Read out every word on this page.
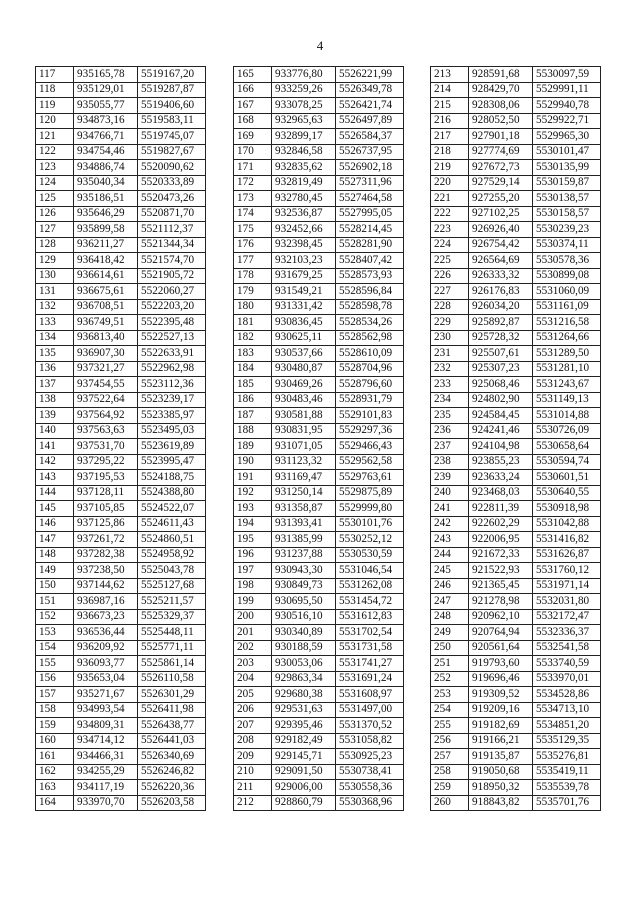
4
117	935165,78	5519167,20
118	935129,01	5519287,87
119	935055,77	5519406,60
120	934873,16	5519583,11
121	934766,71	5519745,07
122	934754,46	5519827,67
123	934886,74	5520090,62
124	935040,34	5520333,89
125	935186,51	5520473,26
126	935646,29	5520871,70
127	935899,58	5521112,37
128	936211,27	5521344,34
129	936418,42	5521574,70
130	936614,61	5521905,72
131	936675,61	5522060,27
132	936708,51	5522203,20
133	936749,51	5522395,48
134	936813,40	5522527,13
135	936907,30	5522633,91
136	937321,27	5522962,98
137	937454,55	5523112,36
138	937522,64	5523239,17
139	937564,92	5523385,97
140	937563,63	5523495,03
141	937531,70	5523619,89
142	937295,22	5523995,47
143	937195,53	5524188,75
144	937128,11	5524388,80
145	937105,85	5524522,07
146	937125,86	5524611,43
147	937261,72	5524860,51
148	937282,38	5524958,92
149	937238,50	5525043,78
150	937144,62	5525127,68
151	936987,16	5525211,57
152	936673,23	5525329,37
153	936536,44	5525448,11
154	936209,92	5525771,11
155	936093,77	5525861,14
156	935653,04	5526110,58
157	935271,67	5526301,29
158	934993,54	5526411,98
159	934809,31	5526438,77
160	934714,12	5526441,03
161	934466,31	5526340,69
162	934255,29	5526246,82
163	934117,19	5526220,36
164	933970,70	5526203,58
165	933776,80	5526221,99
166	933259,26	5526349,78
167	933078,25	5526421,74
168	932965,63	5526497,89
169	932899,17	5526584,37
170	932846,58	5526737,95
171	932835,62	5526902,18
172	932819,49	5527311,96
173	932780,45	5527464,58
174	932536,87	5527995,05
175	932452,66	5528214,45
176	932398,45	5528281,90
177	932103,23	5528407,42
178	931679,25	5528573,93
179	931549,21	5528596,84
180	931331,42	5528598,78
181	930836,45	5528534,26
182	930625,11	5528562,98
183	930537,66	5528610,09
184	930480,87	5528704,96
185	930469,26	5528796,60
186	930483,46	5528931,79
187	930581,88	5529101,83
188	930831,95	5529297,36
189	931071,05	5529466,43
190	931123,32	5529562,58
191	931169,47	5529763,61
192	931250,14	5529875,89
193	931358,87	5529999,80
194	931393,41	5530101,76
195	931385,99	5530252,12
196	931237,88	5530530,59
197	930943,30	5531046,54
198	930849,73	5531262,08
199	930695,50	5531454,72
200	930516,10	5531612,83
201	930340,89	5531702,54
202	930188,59	5531731,58
203	930053,06	5531741,27
204	929863,34	5531691,24
205	929680,38	5531608,97
206	929531,63	5531497,00
207	929395,46	5531370,52
208	929182,49	5531058,82
209	929145,71	5530925,23
210	929091,50	5530738,41
211	929006,00	5530558,36
212	928860,79	5530368,96
213	928591,68	5530097,59
214	928429,70	5529991,11
215	928308,06	5529940,78
216	928052,50	5529922,71
217	927901,18	5529965,30
218	927774,69	5530101,47
219	927672,73	5530135,99
220	927529,14	5530159,87
221	927255,20	5530138,57
222	927102,25	5530158,57
223	926926,40	5530239,23
224	926754,42	5530374,11
225	926564,69	5530578,36
226	926333,32	5530899,08
227	926176,83	5531060,09
228	926034,20	5531161,09
229	925892,87	5531216,58
230	925728,32	5531264,66
231	925507,61	5531289,50
232	925307,23	5531281,10
233	925068,46	5531243,67
234	924802,90	5531149,13
235	924584,45	5531014,88
236	924241,46	5530726,09
237	924104,98	5530658,64
238	923855,23	5530594,74
239	923633,24	5530601,51
240	923468,03	5530640,55
241	922811,39	5530918,98
242	922602,29	5531042,88
243	922006,95	5531416,82
244	921672,33	5531626,87
245	921522,93	5531760,12
246	921365,45	5531971,14
247	921278,98	5532031,80
248	920962,10	5532172,47
249	920764,94	5532336,37
250	920561,64	5532541,58
251	919793,60	5533740,59
252	919696,46	5533970,01
253	919309,52	5534528,86
254	919209,16	5534713,10
255	919182,69	5534851,20
256	919166,21	5535129,35
257	919135,87	5535276,81
258	919050,68	5535419,11
259	918950,32	5535539,78
260	918843,82	5535701,76
